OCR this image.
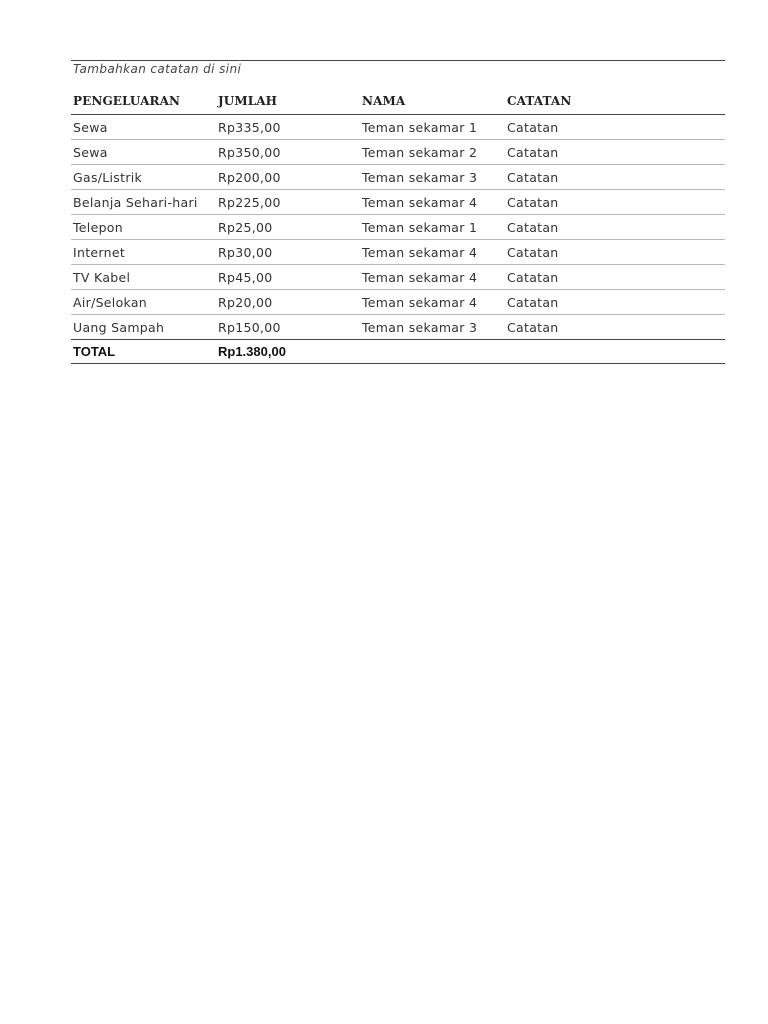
Tambahkan catatan di sini
PENGELUARAN	JUMLAH	NAMA	CATATAN
Sewa	Rp335,00	Teman sekamar 1	Catatan
Sewa	Rp350,00	Teman sekamar 2	Catatan
Gas/Listrik	Rp200,00	Teman sekamar 3	Catatan
Belanja Sehari-hari	Rp225,00	Teman sekamar 4	Catatan
Telepon	Rp25,00	Teman sekamar 1	Catatan
Internet	Rp30,00	Teman sekamar 4	Catatan
TV Kabel	Rp45,00	Teman sekamar 4	Catatan
Air/Selokan	Rp20,00	Teman sekamar 4	Catatan
Uang Sampah	Rp150,00	Teman sekamar 3	Catatan
TOTAL	Rp1.380,00		
